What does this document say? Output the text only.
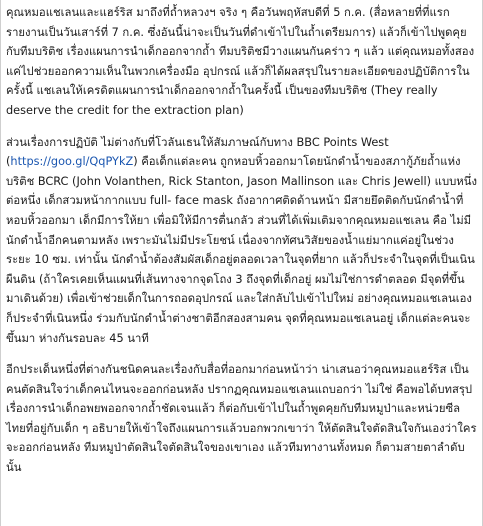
คุณหมอแชเลนและแฮร์ริส มาถึงที่ถ้ำหลวงฯ จริง ๆ คือวันพฤหัสบดีที่ 5 ก.ค. (สื่อหลายที่ที่แรกรายงานเป็นวันเสาร์ที่ 7 ก.ค. ซึ่งอันนี้น่าจะเป็นวันที่ดำเข้าไปในถ้ำเตรียมการ) แล้วก็เข้าไปพูดคุยกับทีมบริติช เรื่องแผนการนำเด็กออกจากถ้ำ ทีมบริติชมีวางแผนกันคร่าว ๆ แล้ว แต่คุณหมอทั้งสองแค่ไปช่วยออกความเห็นในพวกเครื่องมือ อุปกรณ์ แล้วก็ได้ผลสรุปในรายละเอียดของปฏิบัติการในครั้งนี้ แชเลนให้เครดิตแผนการนำเด็กออกจากถ้ำในครั้งนี้ เป็นของทีมบริติช (They really deserve the credit for the extraction plan)

ส่วนเรื่องการปฏิบัติ ไม่ต่างกับที่โวลันเธนให้สัมภาษณ์กับทาง BBC Points West (https://goo.gl/QqPYkZ) คือเด็กแต่ละคน ถูกหอบหิ้วออกมาโดยนักดำน้ำของสภากู้ภัยถ้ำแห่งบริติช BCRC (John Volanthen, Rick Stanton, Jason Mallinson และ Chris Jewell) แบบหนึ่งต่อหนึ่ง เด็กสวมหน้ากากแบบ full- face mask ถังอากาศติดด้านหน้า มีสายยึดติดกับนักดำน้ำที่หอบหิ้วออกมา เด็กมีการให้ยา เพื่อมิให้มีการตื่นกลัว ส่วนที่ได้เพิ่มเติมจากคุณหมอแชเลน คือ ไม่มีนักดำน้ำอีกคนตามหลัง เพราะมันไม่มีประโยชน์ เนื่องจากทัศนวิสัยของน้ำแย่มากแค่อยู่ในช่วงระยะ 10 ซม. เท่านั้น นักดำน้ำต้องสัมผัสเด็กอยู่ตลอดเวลาในจุดที่ยาก แล้วก็ประจำในจุดที่เป็นเนินผืนดิน (ถ้าใครเคยเห็นแผนที่เส้นทางจากจุดโถง 3 ถึงจุดที่เด็กอยู่ ผมไม่ใช่การดำตลอด มีจุดที่ขึ้นมาเดินด้วย) เพื่อเข้าช่วยเด็กในการถอดอุปกรณ์ และใส่กลับไปเข้าไปใหม่ อย่างคุณหมอแชเลนเองก็ประจำที่เนินหนึ่ง ร่วมกับนักดำน้ำต่างชาติอีกสองสามคน จุดที่คุณหมอแชเลนอยู่ เด็กแต่ละคนจะขึ้นมา ห่างกันรอบละ 45 นาที

อีกประเด็นหนึ่งที่ต่างกันชนิดคนละเรื่องกับสื่อที่ออกมาก่อนหน้าว่า น่าเสนอว่าคุณหมอแฮร์ริส เป็นคนตัดสินใจว่าเด็กคนไหนจะออกก่อนหลัง ปรากฏคุณหมอแชเลนแถบอกว่า ไม่ใช่ คือพอได้บทสรุปเรื่องการนำเด็กอพยพออกจากถ้ำชัดเจนแล้ว ก็ต่อกับเข้าไปในถ้ำพูดคุยกับทีมหมูป่าและหน่วยซีลไทยที่อยู่กับเด็ก ๆ อธิบายให้เข้าใจถึงแผนการแล้วบอกพวกเขาว่า ให้ตัดสินใจตัดสินใจกันเองว่าใครจะออกก่อนหลัง ทีมหมูป่าตัดสินใจตัดสินใจของเขาเอง แล้วทีมทางานทั้งหมด ก็ตามสายตาลำดับนั้น
